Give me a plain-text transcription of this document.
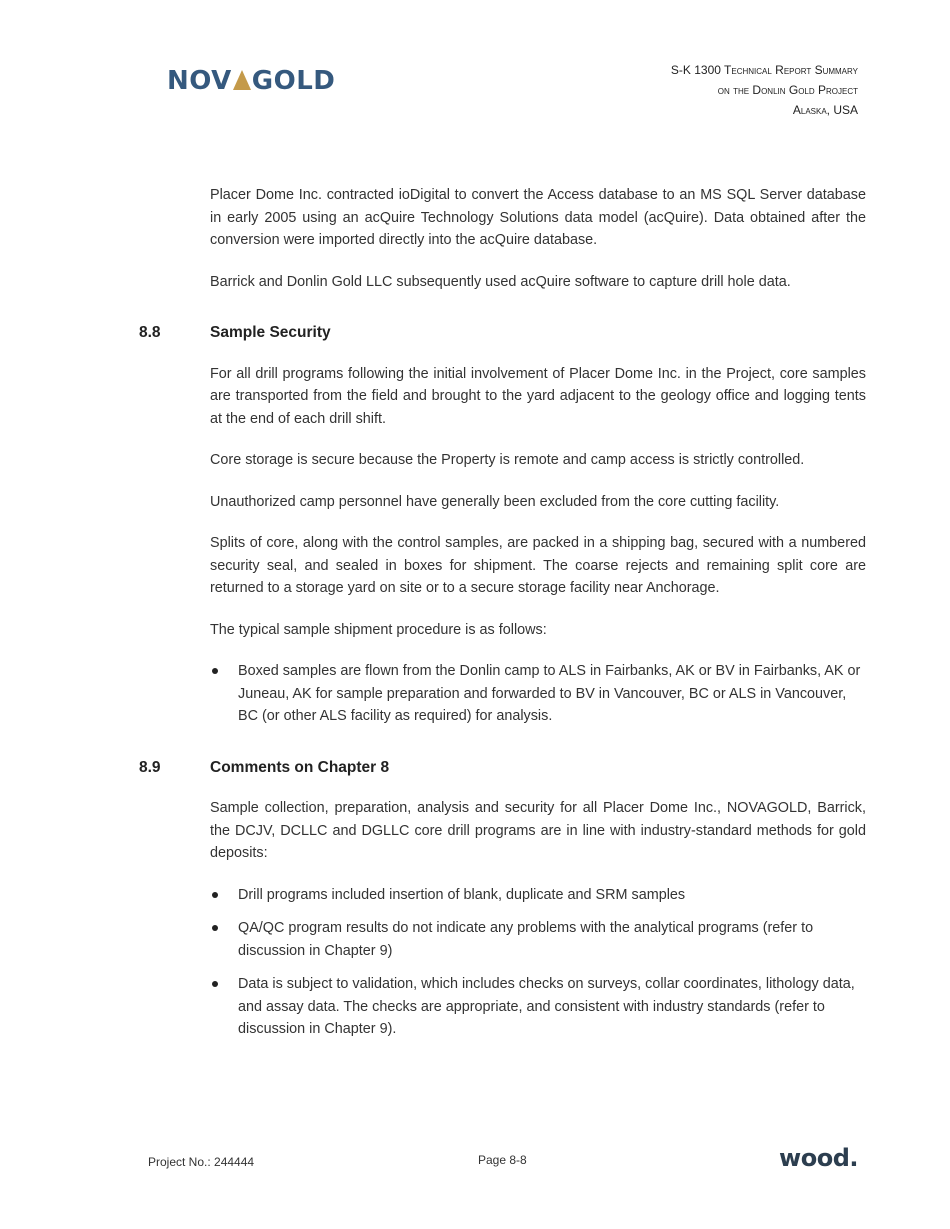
NOV GOLD	S-K 1300 Technical Report Summary
on the Donlin Gold Project
Alaska, USA

Placer Dome Inc. contracted ioDigital to convert the Access database to an MS SQL Server database in early 2005 using an acQuire Technology Solutions data model (acQuire). Data obtained after the conversion were imported directly into the acQuire database.

Barrick and Donlin Gold LLC subsequently used acQuire software to capture drill hole data.

8.8	Sample Security

For all drill programs following the initial involvement of Placer Dome Inc. in the Project, core samples are transported from the field and brought to the yard adjacent to the geology office and logging tents at the end of each drill shift.

Core storage is secure because the Property is remote and camp access is strictly controlled.

Unauthorized camp personnel have generally been excluded from the core cutting facility.

Splits of core, along with the control samples, are packed in a shipping bag, secured with a numbered security seal, and sealed in boxes for shipment. The coarse rejects and remaining split core are returned to a storage yard on site or to a secure storage facility near Anchorage.

The typical sample shipment procedure is as follows:

Boxed samples are flown from the Donlin camp to ALS in Fairbanks, AK or BV in Fairbanks, AK or Juneau, AK for sample preparation and forwarded to BV in Vancouver, BC or ALS in Vancouver, BC (or other ALS facility as required) for analysis.
8.9	Comments on Chapter 8

Sample collection, preparation, analysis and security for all Placer Dome Inc., NOVAGOLD, Barrick, the DCJV, DCLLC and DGLLC core drill programs are in line with industry-standard methods for gold deposits:

Drill programs included insertion of blank, duplicate and SRM samples
QA/QC program results do not indicate any problems with the analytical programs (refer to discussion in Chapter 9)
Data is subject to validation, which includes checks on surveys, collar coordinates, lithology data, and assay data. The checks are appropriate, and consistent with industry standards (refer to discussion in Chapter 9).
Project No.: 244444	Page 8-8	wood.
